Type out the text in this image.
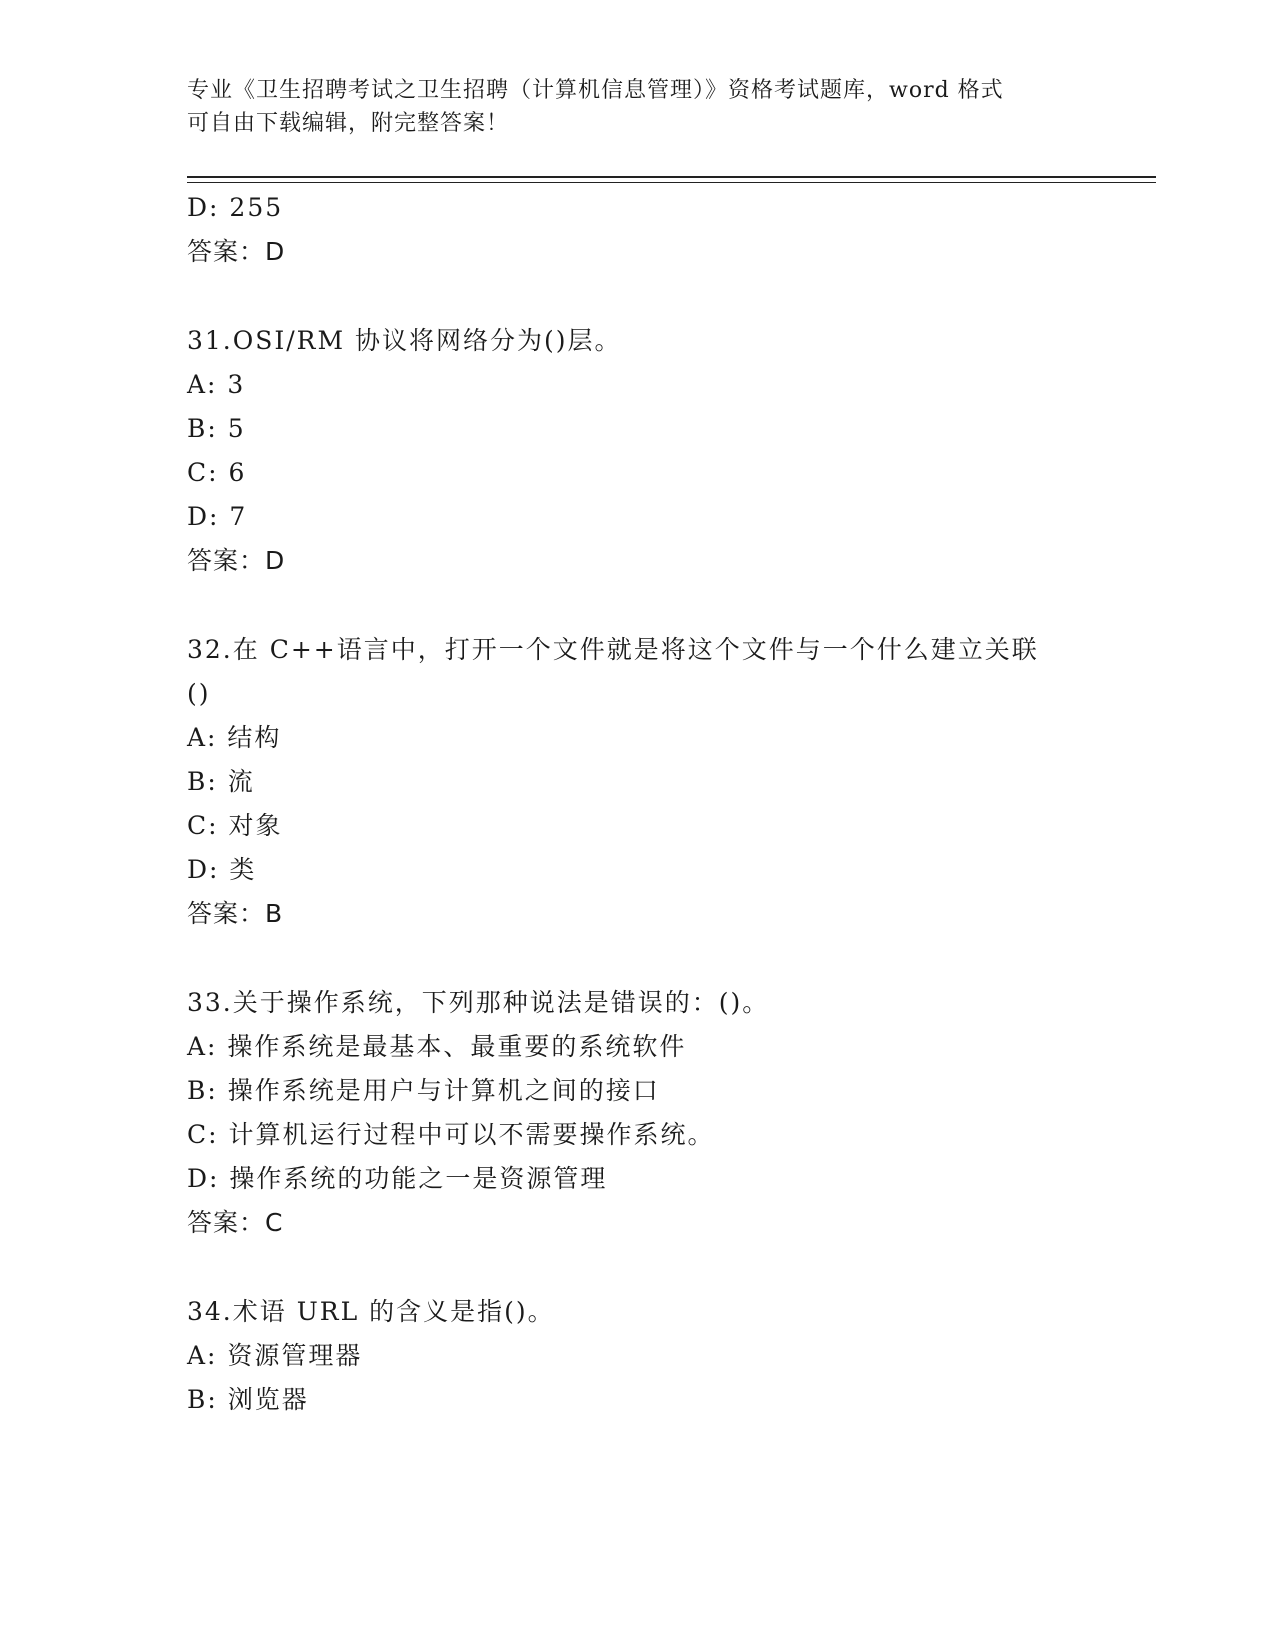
专业《卫生招聘考试之卫生招聘（计算机信息管理）》资格考试题库，word 格式
可自由下载编辑，附完整答案！
D: 255
答案：D
31.OSI/RM 协议将网络分为()层。
A: 3
B: 5
C: 6
D: 7
答案：D
32.在 C++语言中，打开一个文件就是将这个文件与一个什么建立关联
()
A: 结构
B: 流
C: 对象
D: 类
答案：B
33.关于操作系统，下列那种说法是错误的：()。
A: 操作系统是最基本、最重要的系统软件
B: 操作系统是用户与计算机之间的接口
C: 计算机运行过程中可以不需要操作系统。
D: 操作系统的功能之一是资源管理
答案：C
34.术语 URL 的含义是指()。
A: 资源管理器
B: 浏览器
